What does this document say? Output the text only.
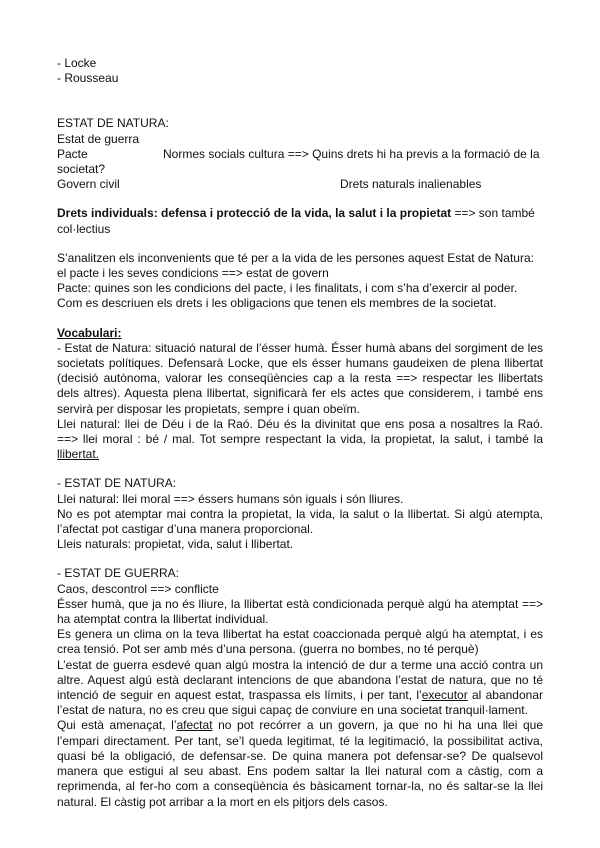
- Locke

- Rousseau

ESTAT DE NATURA:

Estat de guerra

Pacte	Normes socials cultura ==> Quins drets hi ha previs a la formació de la

societat?

Govern civil	Drets naturals inalienables

Drets individuals: defensa i protecció de la vida, la salut i la propietat ==> son també col·lectius

S’analitzen els inconvenients que té per a la vida de les persones aquest Estat de Natura: el pacte i les seves condicions ==> estat de govern

Pacte: quines son les condicions del pacte, i les finalitats, i com s’ha d’exercir al poder.

Com es descriuen els drets i les obligacions que tenen els membres de la societat.

Vocabulari:

- Estat de Natura: situació natural de l’ésser humà. Ésser humà abans del sorgiment de les societats polítiques. Defensarà Locke, que els ésser humans gaudeixen de plena llibertat (decisió autònoma, valorar les conseqüències cap a la resta ==> respectar les llibertats dels altres). Aquesta plena llibertat, significarà fer els actes que considerem, i també ens servirà per disposar les propietats, sempre i quan obeïm.

Llei natural: llei de Déu i de la Raó. Déu és la divinitat que ens posa a nosaltres la Raó. ==> llei moral : bé / mal. Tot sempre respectant la vida, la propietat, la salut, i també la llibertat.

- ESTAT DE NATURA:

Llei natural: llei moral ==> éssers humans són iguals i són lliures.

No es pot atemptar mai contra la propietat, la vida, la salut o la llibertat. Si algú atempta, l’afectat pot castigar d’una manera proporcional.

Lleis naturals: propietat, vida, salut i llibertat.

- ESTAT DE GUERRA:

Caos, descontrol ==> conflicte

Ésser humà, que ja no és lliure, la llibertat està condicionada perquè algú ha atemptat ==> ha atemptat contra la llibertat individual.

Es genera un clima on la teva llibertat ha estat coaccionada perquè algú ha atemptat, i es crea tensió. Pot ser amb més d’una persona. (guerra no bombes, no té perquè)

L’estat de guerra esdevé quan algú mostra la intenció de dur a terme una acció contra un altre. Aquest algú està declarant intencions de que abandona l’estat de natura, que no té intenció de seguir en aquest estat, traspassa els límits, i per tant, l’executor al abandonar l’estat de natura, no es creu que sigui capaç de conviure en una societat tranquil·lament.

Qui està amenaçat, l’afectat no pot recórrer a un govern, ja que no hi ha una llei que l’empari directament. Per tant, se’l queda legitimat, té la legitimació, la possibilitat activa, quasi bé la obligació, de defensar-se. De quina manera pot defensar-se? De qualsevol manera que estigui al seu abast. Ens podem saltar la llei natural com a càstig, com a reprimenda, al fer-ho com a conseqüència és bàsicament tornar-la, no és saltar-se la llei natural. El càstig pot arribar a la mort en els pitjors dels casos.
